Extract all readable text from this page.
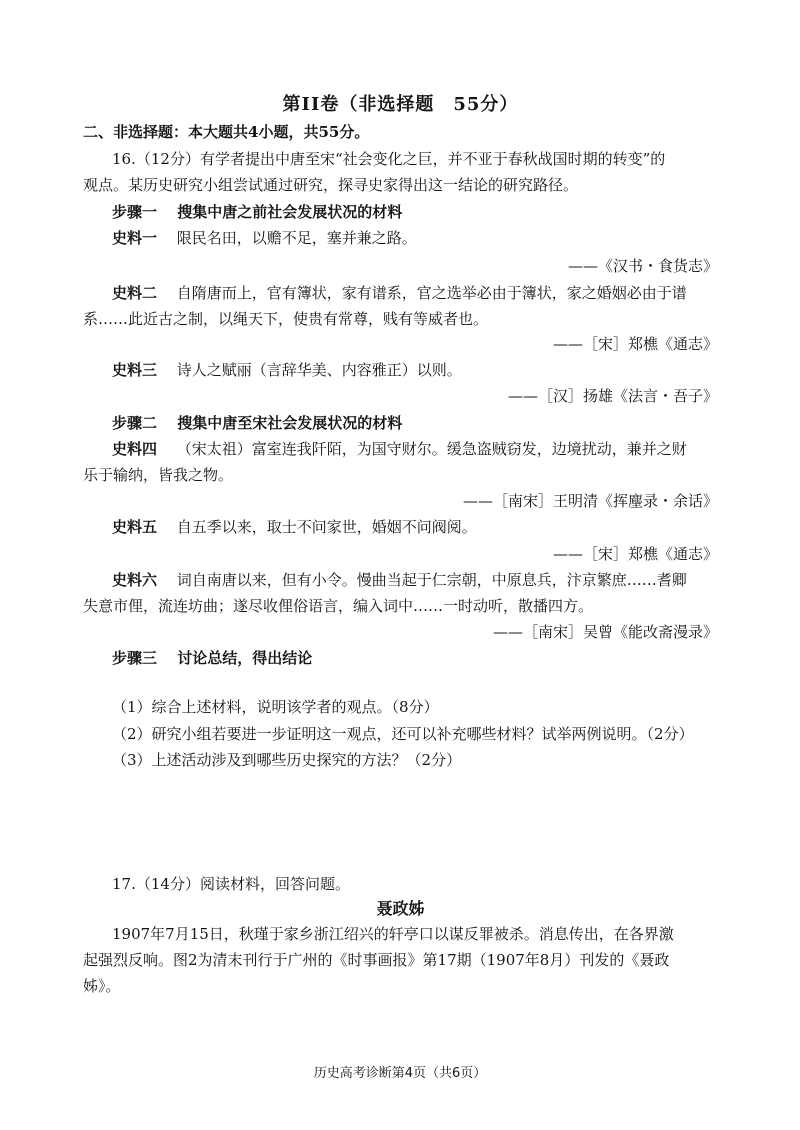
第II卷（非选择题　55分）
二、非选择题：本大题共4小题，共55分。
16.（12分）有学者提出中唐至宋“社会变化之巨，并不亚于春秋战国时期的转变”的
观点。某历史研究小组尝试通过研究，探寻史家得出这一结论的研究路径。
步骤一　 搜集中唐之前社会发展状况的材料
史料一　 限民名田，以赡不足，塞并兼之路。
——《汉书・食货志》
史料二　 自隋唐而上，官有簿状，家有谱系，官之选举必由于簿状，家之婚姻必由于谱
系……此近古之制，以绳天下，使贵有常尊，贱有等威者也。
——［宋］郑樵《通志》
史料三　 诗人之赋丽（言辞华美、内容雅正）以则。
——［汉］扬雄《法言・吾子》
步骤二　 搜集中唐至宋社会发展状况的材料
史料四　 （宋太祖）富室连我阡陌，为国守财尔。缓急盗贼窃发，边境扰动，兼并之财
乐于输纳，皆我之物。
——［南宋］王明清《挥麈录・余话》
史料五　 自五季以来，取士不问家世，婚姻不问阀阅。
——［宋］郑樵《通志》
史料六　 词自南唐以来，但有小令。慢曲当起于仁宗朝，中原息兵，汴京繁庶……耆卿
失意市俚，流连坊曲；遂尽收俚俗语言，编入词中……一时动听，散播四方。
——［南宋］吴曾《能改斋漫录》
步骤三　 讨论总结，得出结论
（1）综合上述材料，说明该学者的观点。（8分）
（2）研究小组若要进一步证明这一观点，还可以补充哪些材料？试举两例说明。（2分）
（3）上述活动涉及到哪些历史探究的方法？（2分）
17.（14分）阅读材料，回答问题。
聂政姊
1907年7月15日，秋瑾于家乡浙江绍兴的轩亭口以谋反罪被杀。消息传出，在各界激
起强烈反响。图2为清末刊行于广州的《时事画报》第17期（1907年8月）刊发的《聂政
姊》。
历史高考诊断第4页（共6页）
